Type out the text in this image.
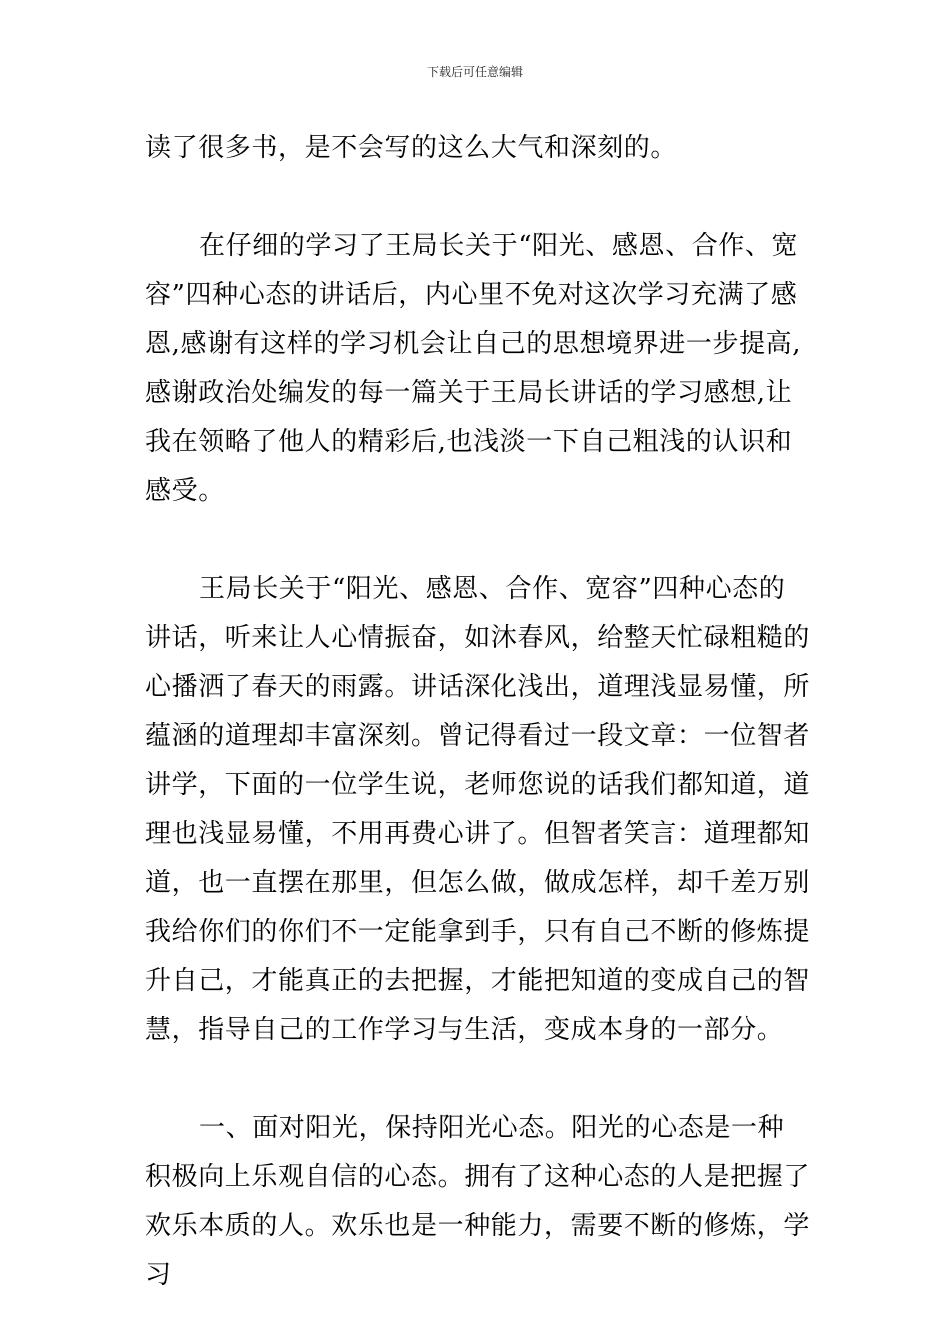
下载后可任意编辑

读了很多书，是不会写的这么大气和深刻的。

在仔细的学习了王局长关于“阳光、感恩、合作、宽容”四种心态的讲话后，内心里不免对这次学习充满了感恩,感谢有这样的学习机会让自己的思想境界进一步提高,感谢政治处编发的每一篇关于王局长讲话的学习感想,让我在领略了他人的精彩后,也浅淡一下自己粗浅的认识和感受。

王局长关于“阳光、感恩、合作、宽容”四种心态的讲话，听来让人心情振奋，如沐春风，给整天忙碌粗糙的心播洒了春天的雨露。讲话深化浅出，道理浅显易懂，所蕴涵的道理却丰富深刻。曾记得看过一段文章：一位智者讲学，下面的一位学生说，老师您说的话我们都知道，道理也浅显易懂，不用再费心讲了。但智者笑言：道理都知道，也一直摆在那里，但怎么做，做成怎样，却千差万别我给你们的你们不一定能拿到手，只有自己不断的修炼提升自己，才能真正的去把握，才能把知道的变成自己的智慧，指导自己的工作学习与生活，变成本身的一部分。

一、面对阳光，保持阳光心态。阳光的心态是一种积极向上乐观自信的心态。拥有了这种心态的人是把握了欢乐本质的人。欢乐也是一种能力，需要不断的修炼，学习
